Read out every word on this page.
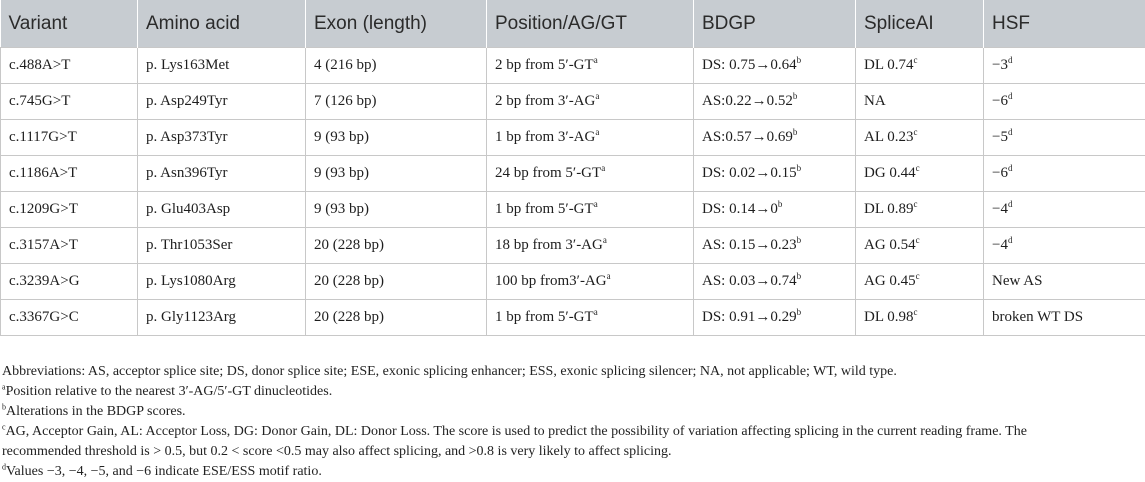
Variant	Amino acid	Exon (length)	Position/AG/GT	BDGP	SpliceAI	HSF
c.488A>T	p. Lys163Met	4 (216 bp)	2 bp from $5'-GT^a$	DS: 0.75→0.64$^b$	DL 0.74$^c$	$-3^d$
c.745G>T	p. Asp249Tyr	7 (126 bp)	2 bp from $3'-AG^a$	AS:0.22→0.52$^b$	NA	$-6^d$
c.1117G>T	p. Asp373Tyr	9 (93 bp)	1 bp from $3'-AG^a$	AS:0.57→0.69$^b$	AL 0.23$^c$	$-5^d$
c.1186A>T	p. Asn396Tyr	9 (93 bp)	24 bp from $5'-GT^a$	DS: 0.02→0.15$^b$	DG 0.44$^c$	$-6^d$
c.1209G>T	p. Glu403Asp	9 (93 bp)	1 bp from $5'-GT^a$	DS: $0.14\to 0^b$	DL 0.89$^c$	$-4^d$
c.3157A>T	p. Thr1053Ser	20 (228 bp)	18 bp from $3'-AG^a$	AS: 0.15→0.23$^b$	AG 0.54$^c$	$-4^d$
c.3239A>G	p. Lys1080Arg	20 (228 bp)	100 bp $from3'-AG^a$	AS: 0.03→0.74$^b$	AG 0.45$^c$	New AS
c.3367G>C	p. Gly1123Arg	20 (228 bp)	1 bp from $5'-GT^a$	DS: 0.91→0.29$^b$	DL 0.98$^c$	broken WT DS
Abbreviations: AS, acceptor splice site; DS, donor splice site; ESE, exonic splicing enhancer; ESS, exonic splicing silencer; NA, not applicable; WT, wild type.
$^a$Position relative to the nearest 3′-AG/5′-GT dinucleotides.
$^b$Alterations in the BDGP scores.
$^c$AG, Acceptor Gain, AL: Acceptor Loss, DG: Donor Gain, DL: Donor Loss. The score is used to predict the possibility of variation affecting splicing in the current reading frame. The
recommended threshold is > 0.5, but 0.2 < score <0.5 may also affect splicing, and >0.8 is very likely to affect splicing.
$^d$Values −3, −4, −5, and −6 indicate ESE/ESS motif ratio.
